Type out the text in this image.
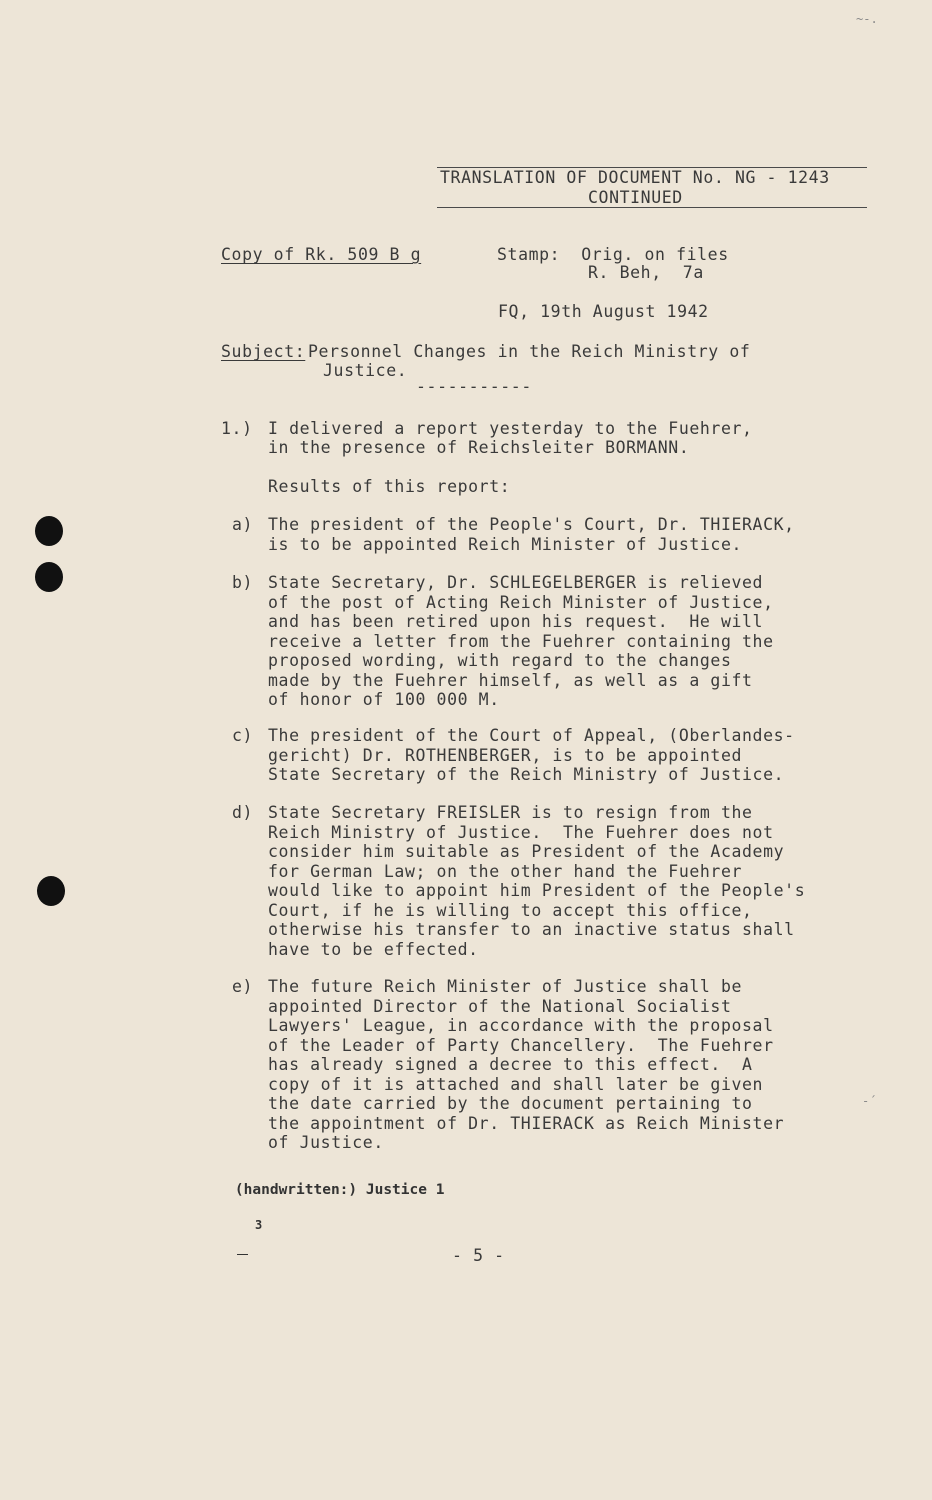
~‐.
TRANSLATION OF DOCUMENT No. NG - 1243
CONTINUED
Copy of Rk. 509 B g	Stamp:  Orig. on files
R. Beh,  7a
FQ, 19th August 1942
Subject: Personnel Changes in the Reich Ministry of
Justice.
-----------
1.) I delivered a report yesterday to the Fuehrer,
in the presence of Reichsleiter BORMANN.
Results of this report:
a) The president of the People's Court, Dr. THIERACK,
is to be appointed Reich Minister of Justice.
b) State Secretary, Dr. SCHLEGELBERGER is relieved
of the post of Acting Reich Minister of Justice,
and has been retired upon his request.  He will
receive a letter from the Fuehrer containing the
proposed wording, with regard to the changes
made by the Fuehrer himself, as well as a gift
of honor of 100 000 M.
c) The president of the Court of Appeal, (Oberlandes-
gericht) Dr. ROTHENBERGER, is to be appointed
State Secretary of the Reich Ministry of Justice.
d) State Secretary FREISLER is to resign from the
Reich Ministry of Justice.  The Fuehrer does not
consider him suitable as President of the Academy
for German Law; on the other hand the Fuehrer
would like to appoint him President of the People's
Court, if he is willing to accept this office,
otherwise his transfer to an inactive status shall
have to be effected.
e) The future Reich Minister of Justice shall be
appointed Director of the National Socialist
Lawyers' League, in accordance with the proposal
of the Leader of Party Chancellery.  The Fuehrer
has already signed a decree to this effect.  A
copy of it is attached and shall later be given
the date carried by the document pertaining to
the appointment of Dr. THIERACK as Reich Minister
of Justice.

(handwritten:) Justice 1

3

- 5 -
-´
